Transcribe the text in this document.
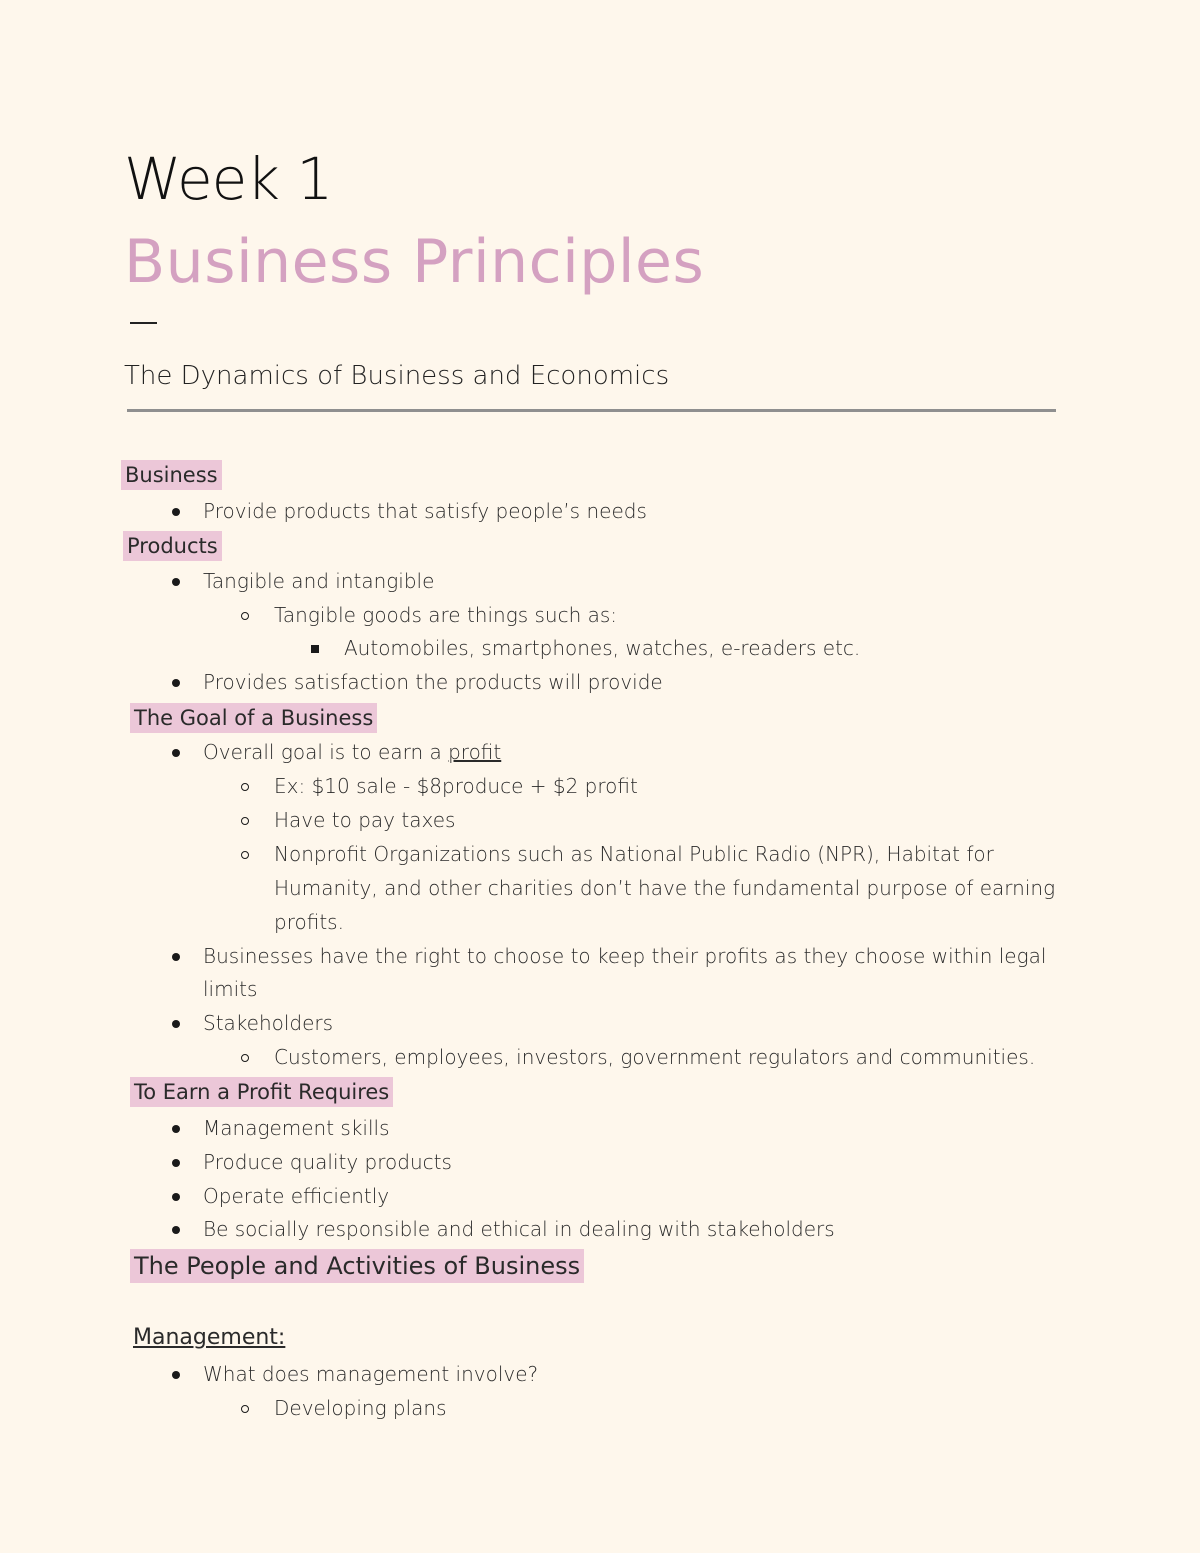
Week 1
Business Principles
The Dynamics of Business and Economics
Business
Provide products that satisfy people’s needs
Products
Tangible and intangible
Tangible goods are things such as:
Automobiles, smartphones, watches, e-readers etc.
Provides satisfaction the products will provide
The Goal of a Business
Overall goal is to earn a profit
Ex: $10 sale - $8produce + $2 profit
Have to pay taxes
Nonprofit Organizations such as National Public Radio (NPR), Habitat for
Humanity, and other charities don’t have the fundamental purpose of earning
profits.
Businesses have the right to choose to keep their profits as they choose within legal
limits
Stakeholders
Customers, employees, investors, government regulators and communities.
To Earn a Profit Requires
Management skills
Produce quality products
Operate efficiently
Be socially responsible and ethical in dealing with stakeholders
The People and Activities of Business
Management:
What does management involve?
Developing plans
